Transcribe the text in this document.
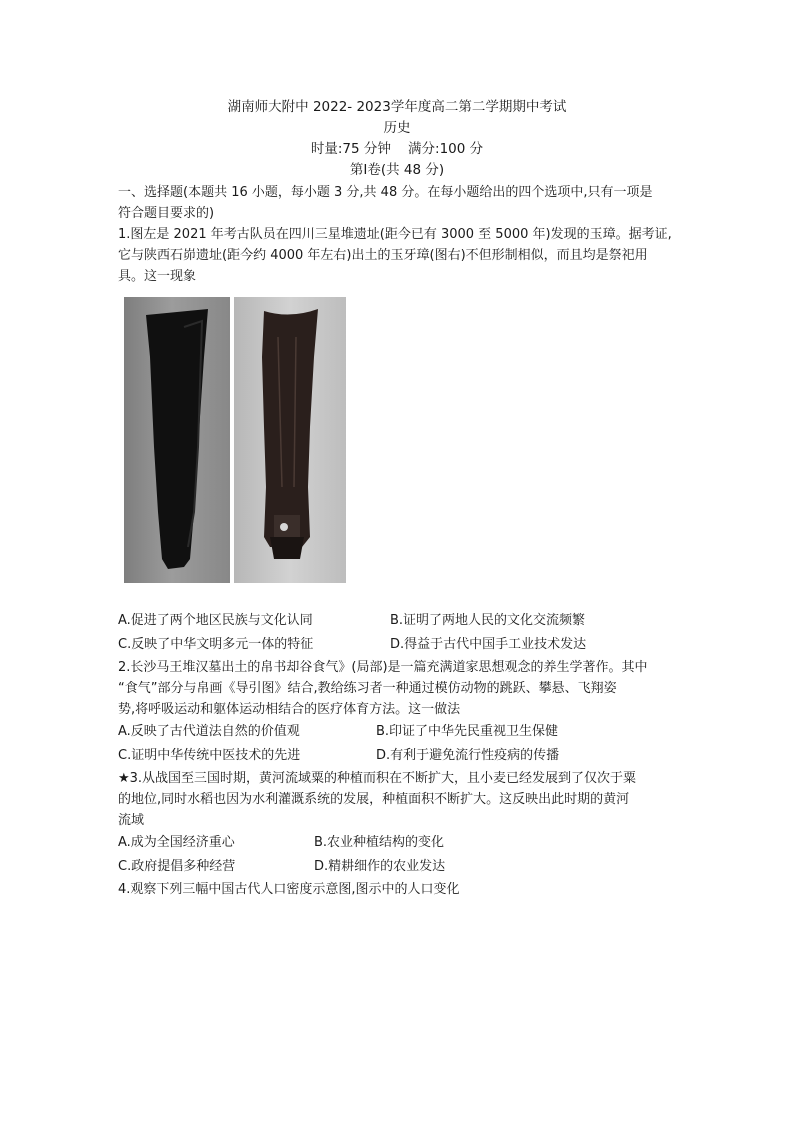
湖南师大附中 2022- 2023学年度高二第二学期期中考试
历史
时量:75 分钟    满分:100 分
第Ⅰ卷(共 48 分)
一、选择题(本题共 16 小题，每小题 3 分,共 48 分。在每小题给出的四个选项中,只有一项是
符合题目要求的)
1.图左是 2021 年考古队员在四川三星堆遗址(距今已有 3000 至 5000 年)发现的玉璋。据考证,
它与陕西石峁遗址(距今约 4000 年左右)出土的玉牙璋(图右)不但形制相似，而且均是祭祀用
具。这一现象
A.促进了两个地区民族与文化认同	B.证明了两地人民的文化交流频繁
C.反映了中华文明多元一体的特征	D.得益于古代中国手工业技术发达
2.长沙马王堆汉墓出土的帛书却谷食气》(局部)是一篇充满道家思想观念的养生学著作。其中
“食气”部分与帛画《导引图》结合,教给练习者一种通过模仿动物的跳跃、攀悬、飞翔姿
势,将呼吸运动和躯体运动相结合的医疗体育方法。这一做法
A.反映了古代道法自然的价值观	B.印证了中华先民重视卫生保健
C.证明中华传统中医技术的先进	D.有利于避免流行性疫病的传播
★3.从战国至三国时期，黄河流域粟的种植而积在不断扩大，且小麦已经发展到了仅次于粟
的地位,同时水稻也因为水利灌溉系统的发展，种植面积不断扩大。这反映出此时期的黄河
流域
A.成为全国经济重心	B.农业种植结构的变化
C.政府提倡多种经营	D.精耕细作的农业发达
4.观察下列三幅中国古代人口密度示意图,图示中的人口变化
